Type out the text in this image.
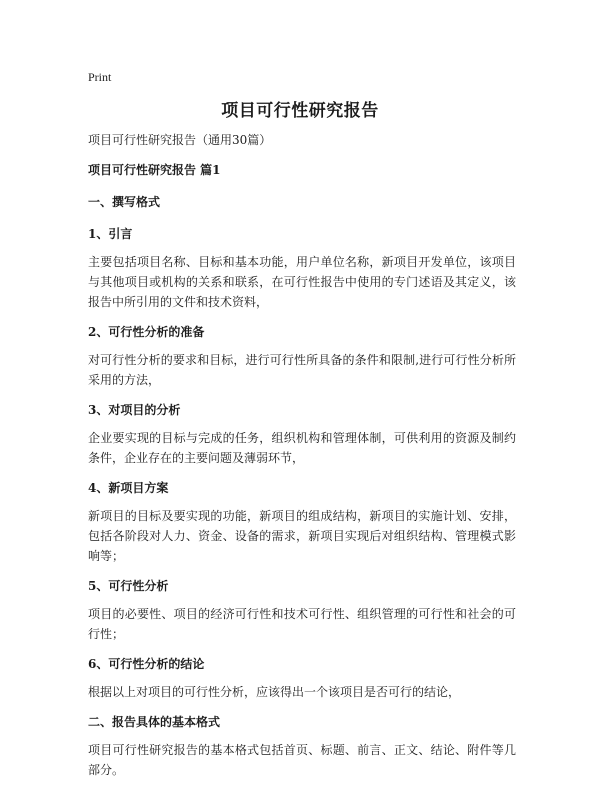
Print
项目可行性研究报告

项目可行性研究报告（通用30篇）

项目可行性研究报告 篇1

一、撰写格式

1、引言

主要包括项目名称、目标和基本功能，用户单位名称，新项目开发单位，该项目与其他项目或机构的关系和联系，在可行性报告中使用的专门述语及其定义，该报告中所引用的文件和技术资料，

2、可行性分析的准备

对可行性分析的要求和目标，进行可行性所具备的条件和限制,进行可行性分析所采用的方法，

3、对项目的分析

企业要实现的目标与完成的任务，组织机构和管理体制，可供利用的资源及制约条件，企业存在的主要问题及薄弱环节，

4、新项目方案

新项目的目标及要实现的功能，新项目的组成结构，新项目的实施计划、安排，包括各阶段对人力、资金、设备的需求，新项目实现后对组织结构、管理模式影响等；

5、可行性分析

项目的必要性、项目的经济可行性和技术可行性、组织管理的可行性和社会的可行性；

6、可行性分析的结论

根据以上对项目的可行性分析，应该得出一个该项目是否可行的结论，

二、报告具体的基本格式

项目可行性研究报告的基本格式包括首页、标题、前言、正文、结论、附件等几部分。
